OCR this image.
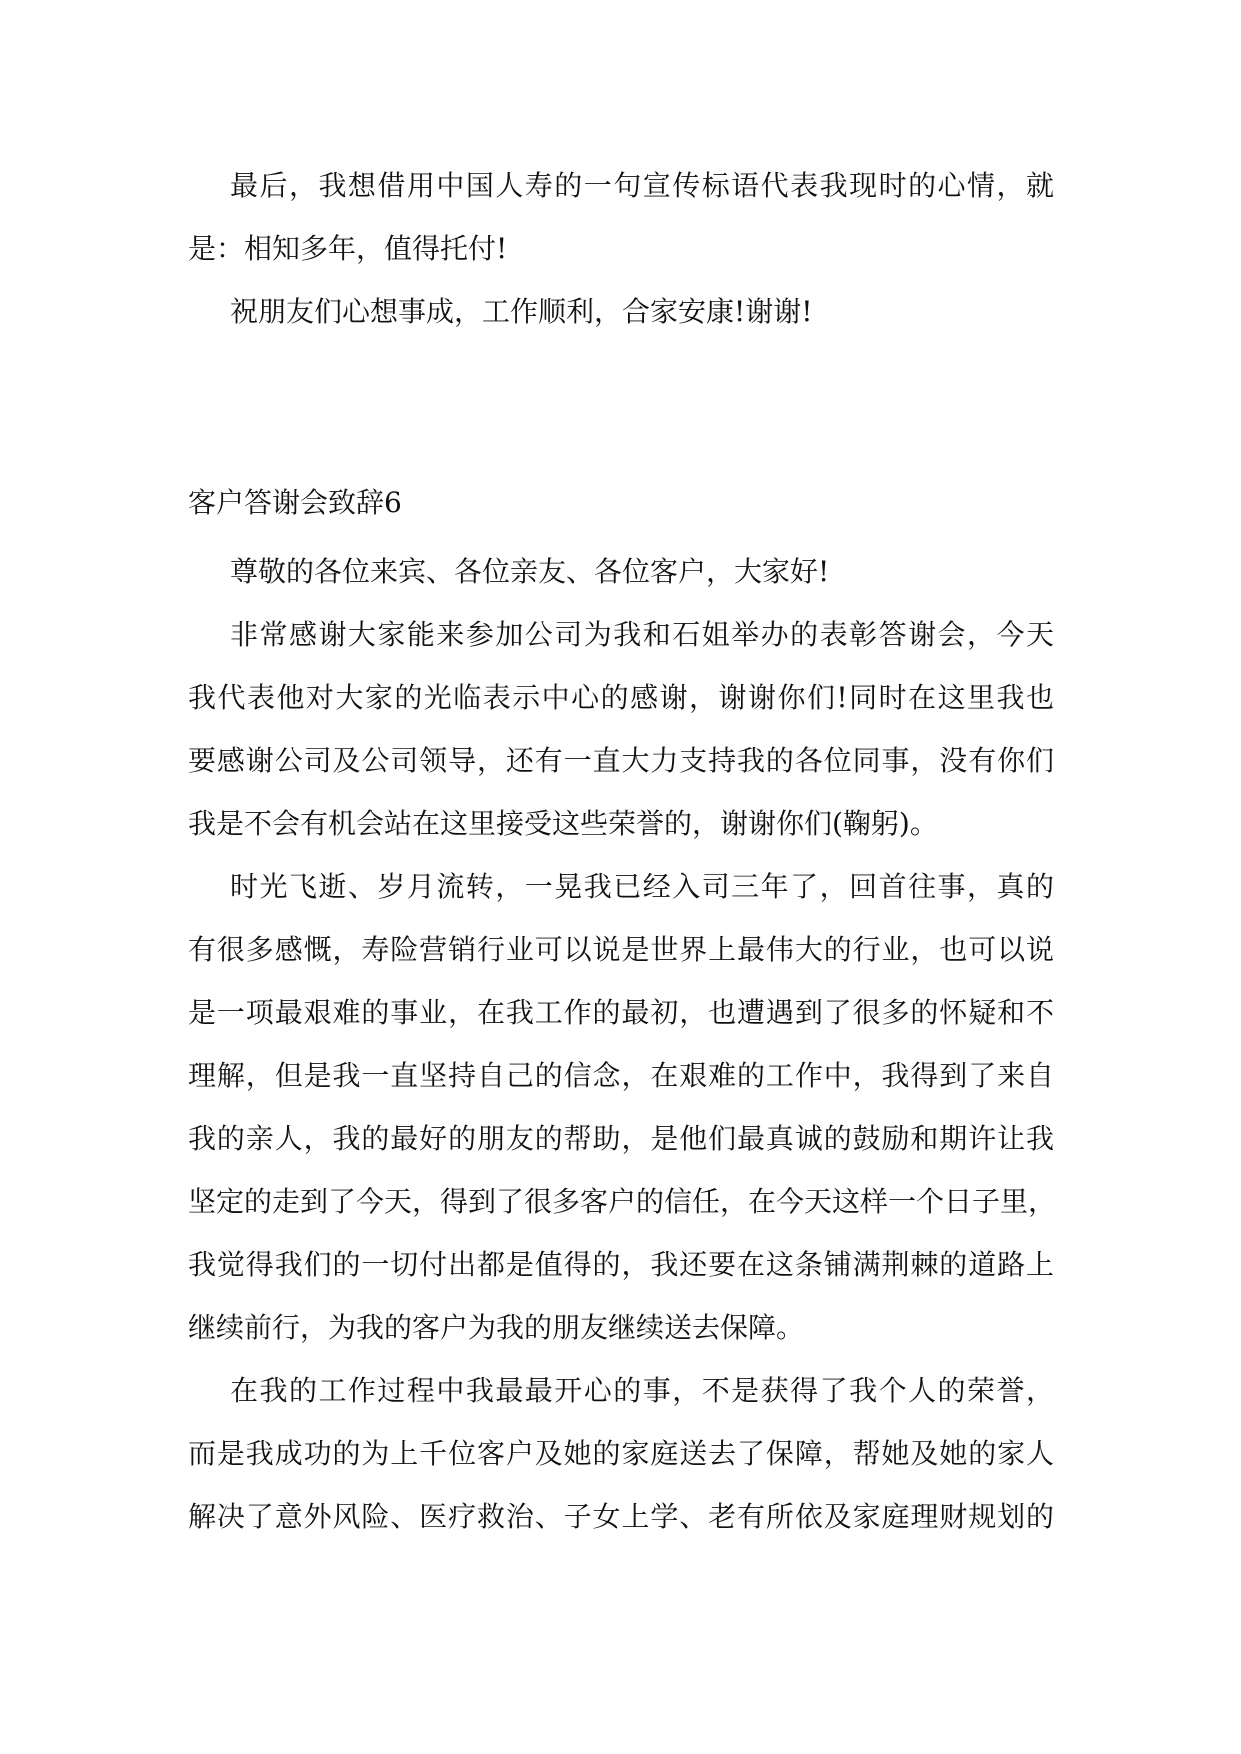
最后，我想借用中国人寿的一句宣传标语代表我现时的心情，就
是：相知多年，值得托付!
祝朋友们心想事成，工作顺利，合家安康!谢谢!
客户答谢会致辞6
尊敬的各位来宾、各位亲友、各位客户，大家好!
非常感谢大家能来参加公司为我和石姐举办的表彰答谢会，今天
我代表他对大家的光临表示中心的感谢，谢谢你们!同时在这里我也
要感谢公司及公司领导，还有一直大力支持我的各位同事，没有你们
我是不会有机会站在这里接受这些荣誉的，谢谢你们(鞠躬)。
时光飞逝、岁月流转，一晃我已经入司三年了，回首往事，真的
有很多感慨，寿险营销行业可以说是世界上最伟大的行业，也可以说
是一项最艰难的事业，在我工作的最初，也遭遇到了很多的怀疑和不
理解，但是我一直坚持自己的信念，在艰难的工作中，我得到了来自
我的亲人，我的最好的朋友的帮助，是他们最真诚的鼓励和期许让我
坚定的走到了今天，得到了很多客户的信任，在今天这样一个日子里，
我觉得我们的一切付出都是值得的，我还要在这条铺满荆棘的道路上
继续前行，为我的客户为我的朋友继续送去保障。
在我的工作过程中我最最开心的事，不是获得了我个人的荣誉，
而是我成功的为上千位客户及她的家庭送去了保障，帮她及她的家人
解决了意外风险、医疗救治、子女上学、老有所依及家庭理财规划的
